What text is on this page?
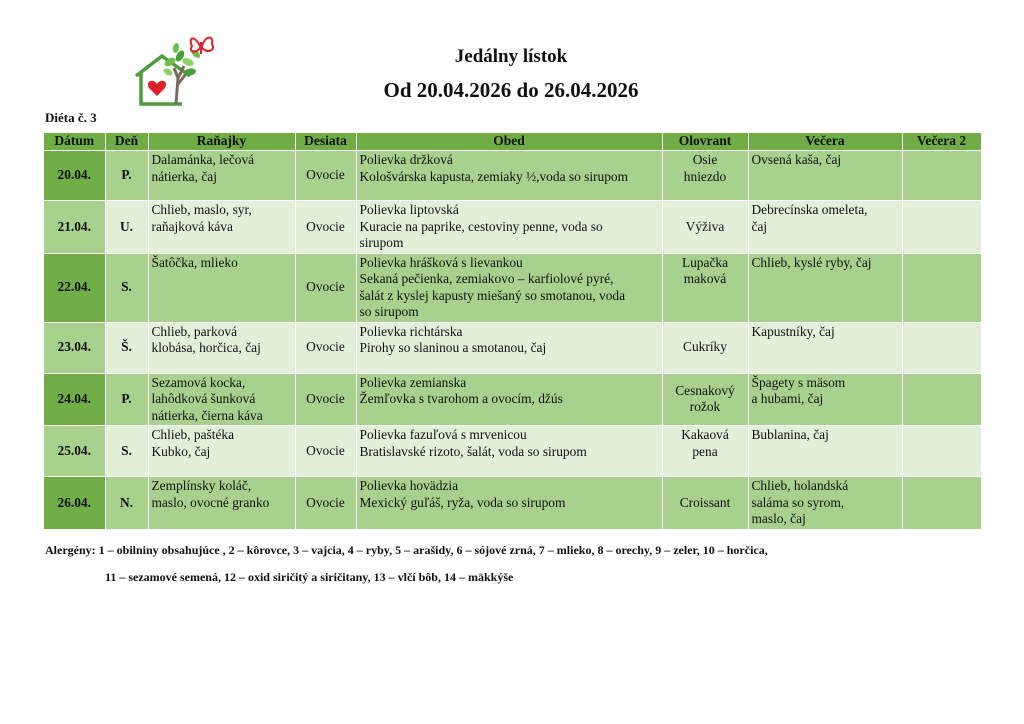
Jedálny lístok
Od 20.04.2026 do 26.04.2026
Diéta č. 3
Dátum	Deň	Raňajky	Desiata	Obed	Olovrant	Večera	Večera 2
20.04.	P.	Dalamánka, lečová
nátierka, čaj	Ovocie	Polievka držková
Kološvárska kapusta, zemiaky ½,voda so sirupom	Osie
hniezdo	Ovsená kaša, čaj	

21.04.	U.	Chlieb, maslo, syr,
raňajková káva	Ovocie	Polievka liptovská
Kuracie na paprike, cestoviny penne, voda so
sirupom	Výživa	Debrecínska omeleta,
čaj	

22.04.	S.	Šatôčka, mlieko	Ovocie	Polievka hrášková s lievankou
Sekaná pečienka, zemiakovo – karfiolové pyré,
šalát z kyslej kapusty miešaný so smotanou, voda
so sirupom	Lupačka
maková	Chlieb, kyslé ryby, čaj	

23.04.	Š.	Chlieb, parková
klobása, horčica, čaj	Ovocie	Polievka richtárska
Pirohy so slaninou a smotanou, čaj	Cukríky	Kapustníky, čaj	

24.04.	P.	Sezamová kocka,
lahôdková šunková
nátierka, čierna káva	Ovocie	Polievka zemianska
Žemľovka s tvarohom a ovocím, džús	Cesnakový
rožok	Špagety s mäsom
a hubami, čaj	

25.04.	S.	Chlieb, paštéka
Kubko, čaj	Ovocie	Polievka fazuľová s mrvenicou
Bratislavské rizoto, šalát, voda so sirupom	Kakaová
pena	Bublanina, čaj	

26.04.	N.	Zemplínsky koláč,
maslo, ovocné granko	Ovocie	Polievka hovädzia
Mexický guľáš, ryža, voda so sirupom	Croissant	Chlieb, holandská
saláma so syrom,
maslo, čaj	

Alergény: 1 – obilniny obsahujúce , 2 – kôrovce, 3 – vajcia, 4 – ryby, 5 – arašidy, 6 – sójové zrná, 7 – mlieko, 8 – orechy, 9 – zeler, 10 – horčica,
11 – sezamové semená, 12 – oxid siričitý a siričitany, 13 – vlčí bôb, 14 – mäkkýše
